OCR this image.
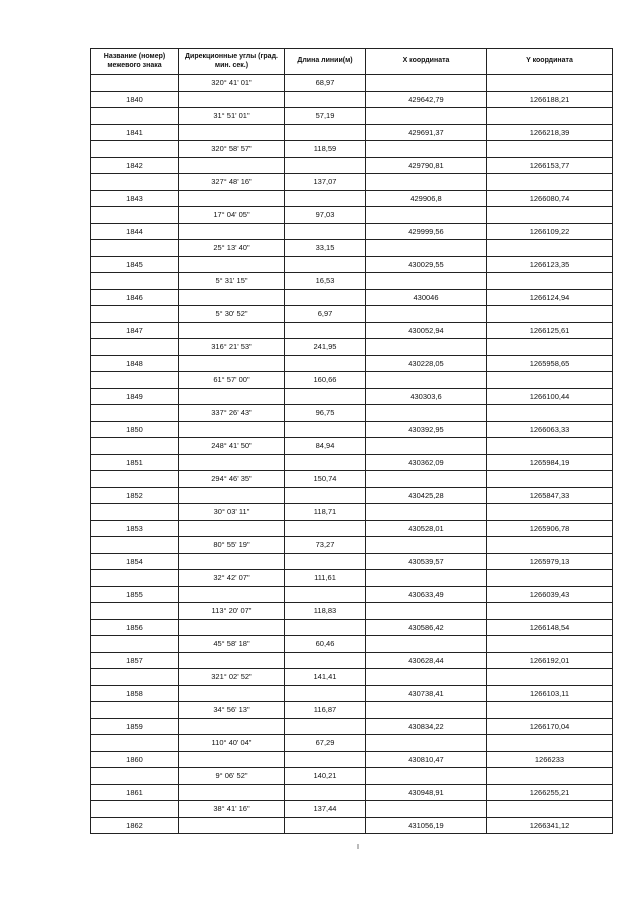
Название (номер) межевого знака	Дирекционные углы (град. мин. сек.)	Длина линии(м)	X координата	Y координата
	320° 41' 01"	68,97		
1840			429642,79	1266188,21
	31° 51' 01"	57,19		
1841			429691,37	1266218,39
	320° 58' 57"	118,59		
1842			429790,81	1266153,77
	327° 48' 16"	137,07		
1843			429906,8	1266080,74
	17° 04' 05"	97,03		
1844			429999,56	1266109,22
	25° 13' 40"	33,15		
1845			430029,55	1266123,35
	5° 31' 15"	16,53		
1846			430046	1266124,94
	5° 30' 52"	6,97		
1847			430052,94	1266125,61
	316° 21' 53"	241,95		
1848			430228,05	1265958,65
	61° 57' 00"	160,66		
1849			430303,6	1266100,44
	337° 26' 43"	96,75		
1850			430392,95	1266063,33
	248° 41' 50"	84,94		
1851			430362,09	1265984,19
	294° 46' 35"	150,74		
1852			430425,28	1265847,33
	30° 03' 11"	118,71		
1853			430528,01	1265906,78
	80° 55' 19"	73,27		
1854			430539,57	1265979,13
	32° 42' 07"	111,61		
1855			430633,49	1266039,43
	113° 20' 07"	118,83		
1856			430586,42	1266148,54
	45° 58' 18"	60,46		
1857			430628,44	1266192,01
	321° 02' 52"	141,41		
1858			430738,41	1266103,11
	34° 56' 13"	116,87		
1859			430834,22	1266170,04
	110° 40' 04"	67,29		
1860			430810,47	1266233
	9° 06' 52"	140,21		
1861			430948,91	1266255,21
	38° 41' 16"	137,44		
1862			431056,19	1266341,12
